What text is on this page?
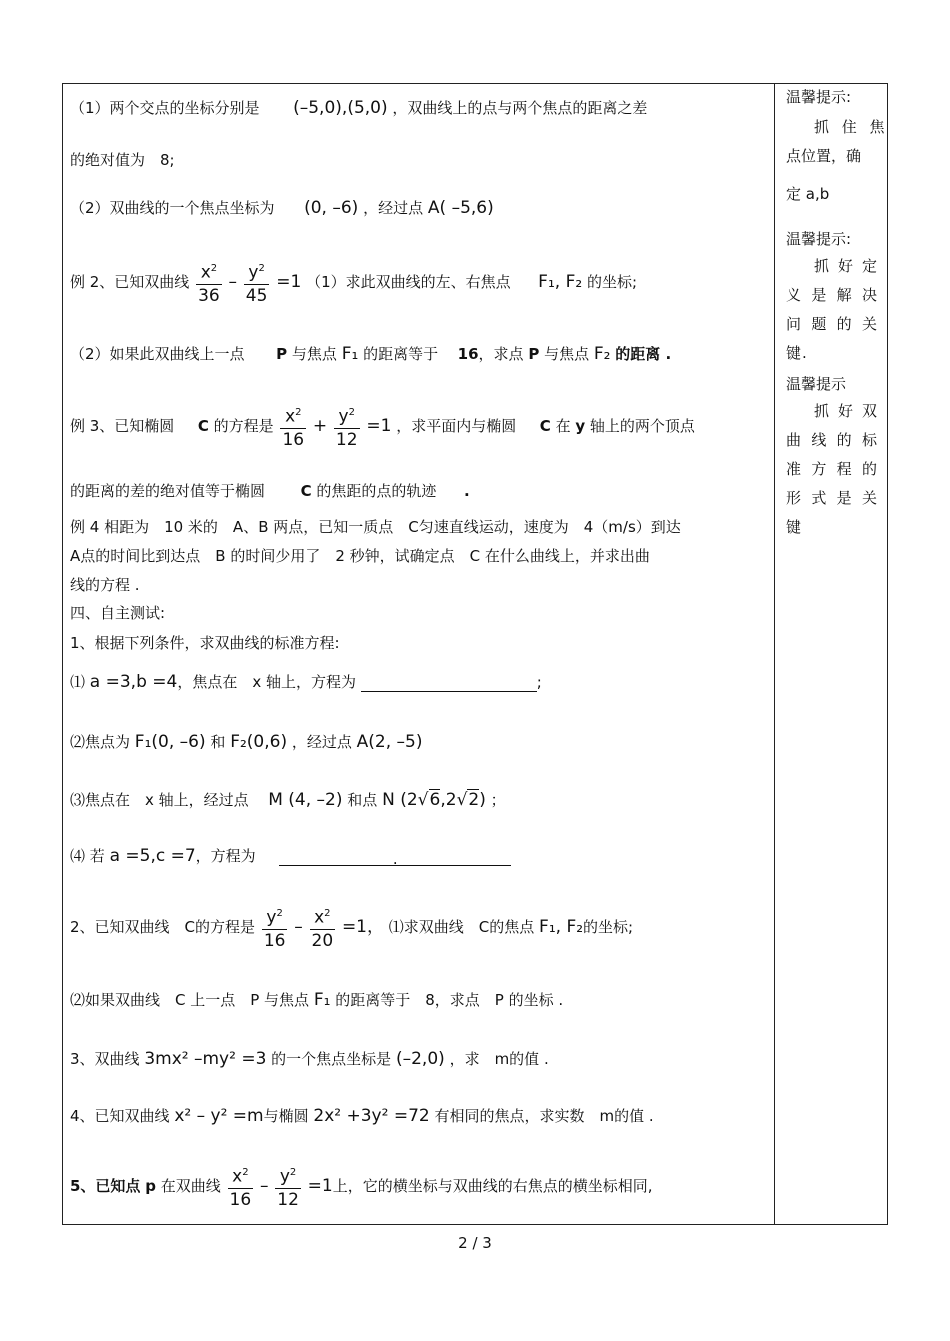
（1）两个交点的坐标分别是 (–5,0),(5,0) ，双曲线上的点与两个焦点的距离之差
的绝对值为　8;
（2）双曲线的一个焦点坐标为 (0, –6) ，经过点 A( –5,6)
例 2、已知双曲线 $\frac{x^2}{36} - \frac{y^2}{45} =1$ （1）求此双曲线的左、右焦点 F₁, F₂ 的坐标;
（2）如果此双曲线上一点 P 与焦点 F₁ 的距离等于 16，求点 P 与焦点 F₂ 的距离 .
例 3、已知椭圆 C 的方程是 $\frac{x^2}{16} + \frac{y^2}{12} =1$ ，求平面内与椭圆 C 在 y 轴上的两个顶点
的距离的差的绝对值等于椭圆 C 的焦距的点的轨迹 .
例 4 相距为　10 米的　A、B 两点，已知一质点　C匀速直线运动，速度为　4（m/s）到达
A点的时间比到达点　B 的时间少用了　2 秒钟，试确定点　C 在什么曲线上，并求出曲
线的方程 .
四、自主测试:
1、根据下列条件，求双曲线的标准方程:
⑴ a =3,b =4，焦点在　x 轴上，方程为	;
⑵焦点为 F₁(0, –6) 和 F₂(0,6) ，经过点 A(2, –5)
⑶焦点在　x 轴上，经过点 M (4, –2) 和点 N (2√6,2√2) ；
⑷ 若 a =5,c =7，方程为	.
2、已知双曲线　C的方程是 $\frac{y^2}{16} - \frac{x^2}{20} =1$， ⑴求双曲线　C的焦点 F₁, F₂的坐标;
⑵如果双曲线　C 上一点　P 与焦点 F₁ 的距离等于　8，求点　P 的坐标 .
3、双曲线 3mx² –my² =3 的一个焦点坐标是 (–2,0) ，求　m的值 .
4、已知双曲线 x² – y² =m与椭圆 2x² +3y² =72 有相同的焦点，求实数　m的值 .
5、已知点 p 在双曲线 $\frac{x^2}{16} - \frac{y^2}{12} =1$上，它的横坐标与双曲线的右焦点的横坐标相同,
温馨提示:
抓 住 焦
点位置，确
定 a,b
温馨提示:
抓 好 定 义 是 解 决 问 题 的 关 键.
温馨提示
抓 好 双 曲 线 的 标 准 方 程 的 形 式 是 关 键
2 / 3
